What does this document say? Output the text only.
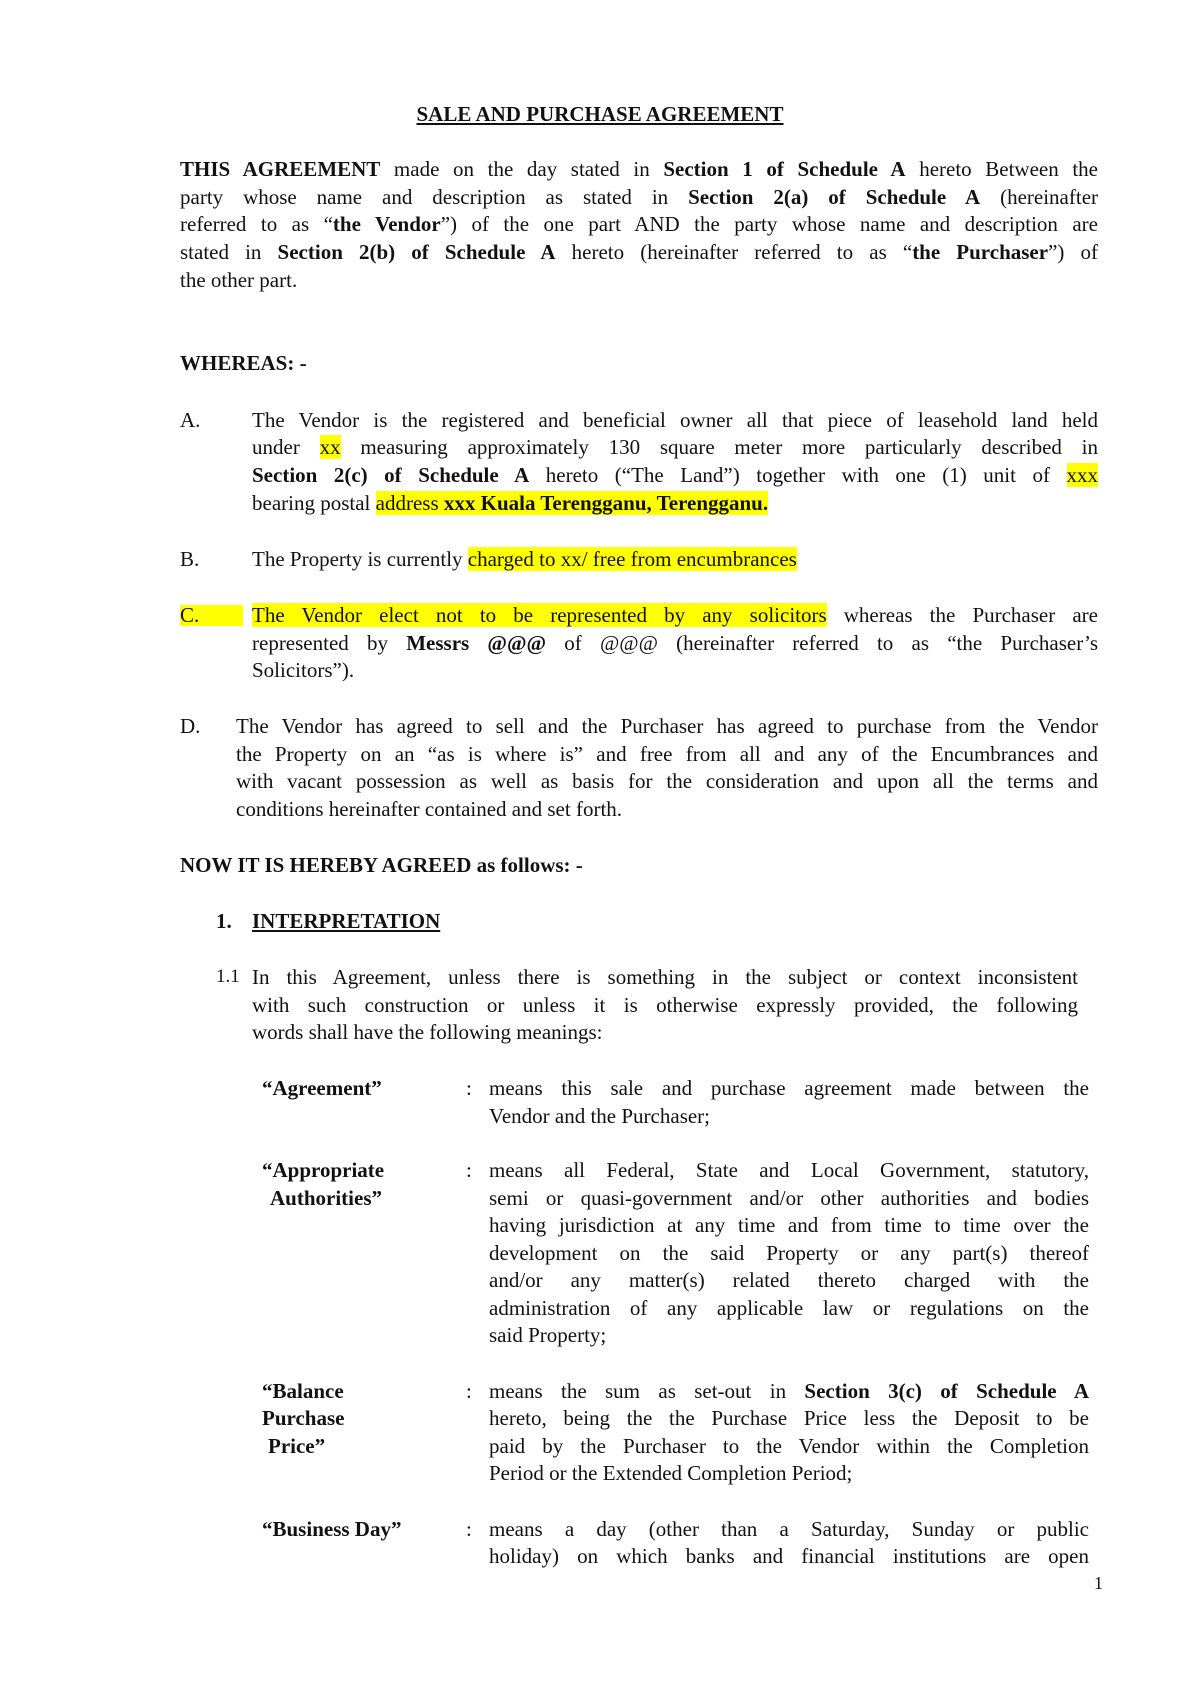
SALE AND PURCHASE AGREEMENT
THIS AGREEMENT made on the day stated in Section 1 of Schedule A hereto Between the
party whose name and description as stated in Section 2(a) of Schedule A (hereinafter
referred to as “the Vendor”) of the one part AND the party whose name and description are
stated in Section 2(b) of Schedule A hereto (hereinafter referred to as “the Purchaser”) of
the other part.
WHEREAS: -
A. The Vendor is the registered and beneficial owner all that piece of leasehold land held
under xx measuring approximately 130 square meter more particularly described in
Section 2(c) of Schedule A hereto (“The Land”) together with one (1) unit of xxx
bearing postal address xxx Kuala Terengganu, Terengganu.
B.	The Property is currently charged to xx/ free from encumbrances
C.	The Vendor elect not to be represented by any solicitors whereas the Purchaser are
represented by Messrs @@@ of @@@ (hereinafter referred to as “the Purchaser’s
Solicitors”).
D. The Vendor has agreed to sell and the Purchaser has agreed to purchase from the Vendor
the Property on an “as is where is” and free from all and any of the Encumbrances and
with vacant possession as well as basis for the consideration and upon all the terms and
conditions hereinafter contained and set forth.
NOW IT IS HEREBY AGREED as follows: -
1. INTERPRETATION
1.1 In this Agreement, unless there is something in the subject or context inconsistent
with such construction or unless it is otherwise expressly provided, the following
words shall have the following meanings:
“Agreement”	: means this sale and purchase agreement made between the
Vendor and the Purchaser;
“Appropriate
Authorities”
: means all Federal, State and Local Government, statutory,
semi or quasi-government and/or other authorities and bodies
having jurisdiction at any time and from time to time over the
development on the said Property or any part(s) thereof
and/or any matter(s) related thereto charged with the
administration of any applicable law or regulations on the
said Property;
“Balance
Purchase
Price”
: means the sum as set-out in Section 3(c) of Schedule A
hereto, being the the Purchase Price less the Deposit to be
paid by the Purchaser to the Vendor within the Completion
Period or the Extended Completion Period;
“Business Day”	: means a day (other than a Saturday, Sunday or public
holiday) on which banks and financial institutions are open
1
